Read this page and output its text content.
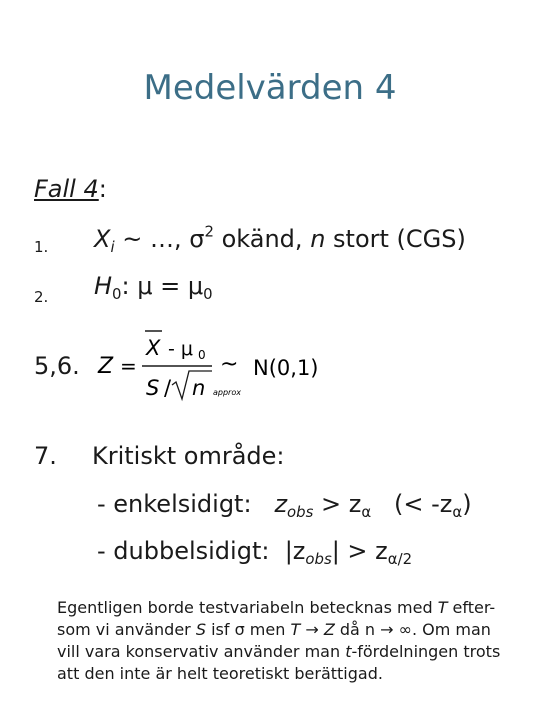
Medelvärden 4
Fall 4:
1. $X_i$ ~ …, $\sigma^2$ okänd, n stort (CGS)
2. $H_0$: $\mu = \mu_0$
5,6. Z =
X - μ 0
S / n
~
approx
N(0,1)
7. Kritiskt område:
- enkelsidigt: $z_{obs} > z_\alpha$ (< $-z_\alpha$)
- dubbelsidigt: $|z_{obs}| > z_{\alpha/2}$
Egentligen borde testvariabeln betecknas med T efter-som vi använder S isf σ men T → Z då n → ∞. Om man vill vara konservativ använder man t-fördelningen trots att den inte är helt teoretiskt berättigad.
